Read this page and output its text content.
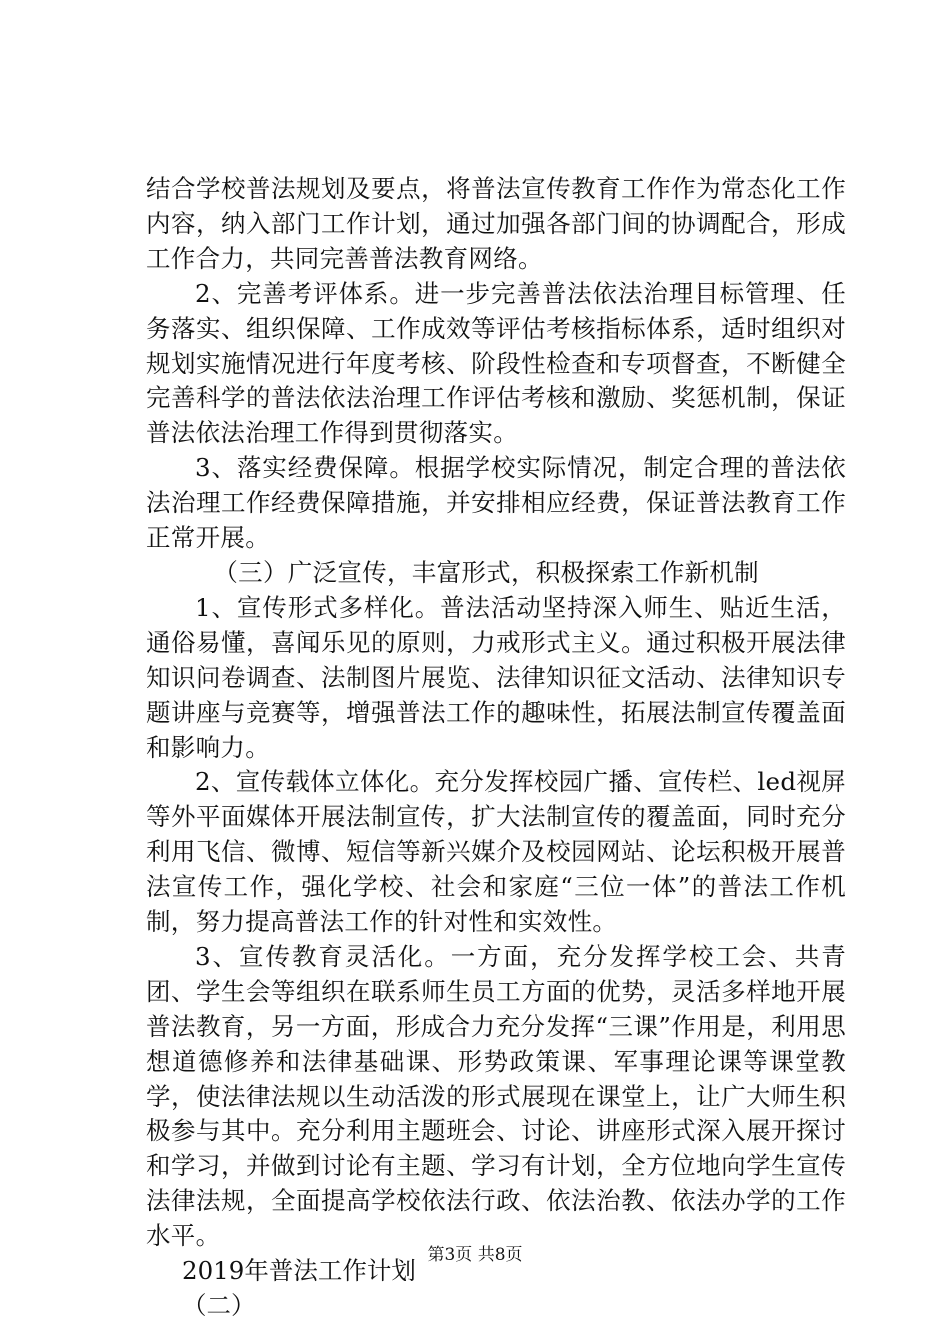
结合学校普法规划及要点，将普法宣传教育工作作为常态化工作内容，纳入部门工作计划，通过加强各部门间的协调配合，形成工作合力，共同完善普法教育网络。

2、完善考评体系。进一步完善普法依法治理目标管理、任务落实、组织保障、工作成效等评估考核指标体系，适时组织对规划实施情况进行年度考核、阶段性检查和专项督查，不断健全完善科学的普法依法治理工作评估考核和激励、奖惩机制，保证普法依法治理工作得到贯彻落实。

3、落实经费保障。根据学校实际情况，制定合理的普法依法治理工作经费保障措施，并安排相应经费，保证普法教育工作正常开展。

（三）广泛宣传，丰富形式，积极探索工作新机制

1、宣传形式多样化。普法活动坚持深入师生、贴近生活，通俗易懂，喜闻乐见的原则，力戒形式主义。通过积极开展法律知识问卷调查、法制图片展览、法律知识征文活动、法律知识专题讲座与竞赛等，增强普法工作的趣味性，拓展法制宣传覆盖面和影响力。

2、宣传载体立体化。充分发挥校园广播、宣传栏、led视屏等外平面媒体开展法制宣传，扩大法制宣传的覆盖面，同时充分利用飞信、微博、短信等新兴媒介及校园网站、论坛积极开展普法宣传工作，强化学校、社会和家庭“三位一体”的普法工作机制，努力提高普法工作的针对性和实效性。

3、宣传教育灵活化。一方面，充分发挥学校工会、共青团、学生会等组织在联系师生员工方面的优势，灵活多样地开展普法教育，另一方面，形成合力充分发挥“三课”作用是，利用思想道德修养和法律基础课、形势政策课、军事理论课等课堂教学，使法律法规以生动活泼的形式展现在课堂上，让广大师生积极参与其中。充分利用主题班会、讨论、讲座形式深入展开探讨和学习，并做到讨论有主题、学习有计划，全方位地向学生宣传法律法规，全面提高学校依法行政、依法治教、依法办学的工作水平。

2019年普法工作计划

（二）

第3页 共8页
